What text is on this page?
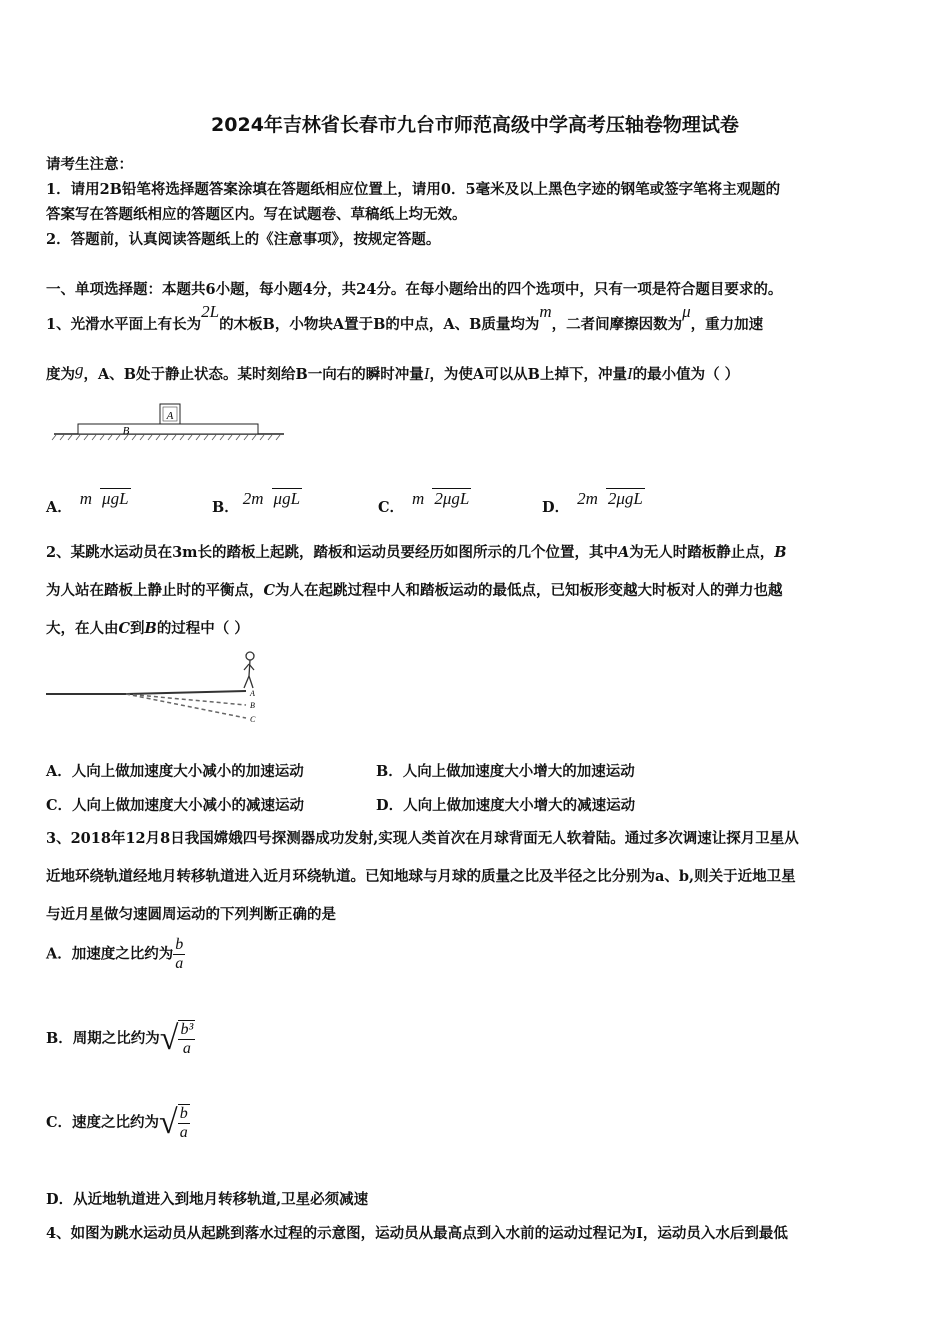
2024年吉林省长春市九台市师范高级中学高考压轴卷物理试卷
请考生注意：
1．请用2B铅笔将选择题答案涂填在答题纸相应位置上，请用0．5毫米及以上黑色字迹的钢笔或签字笔将主观题的
答案写在答题纸相应的答题区内。写在试题卷、草稿纸上均无效。
2．答题前，认真阅读答题纸上的《注意事项》，按规定答题。
一、单项选择题：本题共6小题，每小题4分，共24分。在每小题给出的四个选项中，只有一项是符合题目要求的。
1、光滑水平面上有长为2L的木板B，小物块A置于B的中点，A、B质量均为m，二者间摩擦因数为μ，重力加速
度为g，A、B处于静止状态。某时刻给B一向右的瞬时冲量I，为使A可以从B上掉下，冲量I的最小值为（ ）
A
B
A． m μgL	B． 2m μgL	C． m 2μgL	D． 2m 2μgL
2、某跳水运动员在3m长的踏板上起跳，踏板和运动员要经历如图所示的几个位置，其中A为无人时踏板静止点，B
为人站在踏板上静止时的平衡点，C为人在起跳过程中人和踏板运动的最低点，已知板形变越大时板对人的弹力也越
大，在人由C到B的过程中（ ）
A
B
C
A．人向上做加速度大小减小的加速运动	B．人向上做加速度大小增大的加速运动
C．人向上做加速度大小减小的减速运动	D．人向上做加速度大小增大的减速运动
3、2018年12月8日我国嫦娥四号探测器成功发射,实现人类首次在月球背面无人软着陆。通过多次调速让探月卫星从
近地环绕轨道经地月转移轨道进入近月环绕轨道。已知地球与月球的质量之比及半径之比分别为a、b,则关于近地卫星
与近月星做匀速圆周运动的下列判断正确的是
A．加速度之比约为 $\frac{b}{a}$
B．周期之比约为√ $\frac{\text{b³}}{a}$
C．速度之比约为√ $\frac{b}{a}$
D．从近地轨道进入到地月转移轨道,卫星必须减速
4、如图为跳水运动员从起跳到落水过程的示意图，运动员从最高点到入水前的运动过程记为I，运动员入水后到最低
